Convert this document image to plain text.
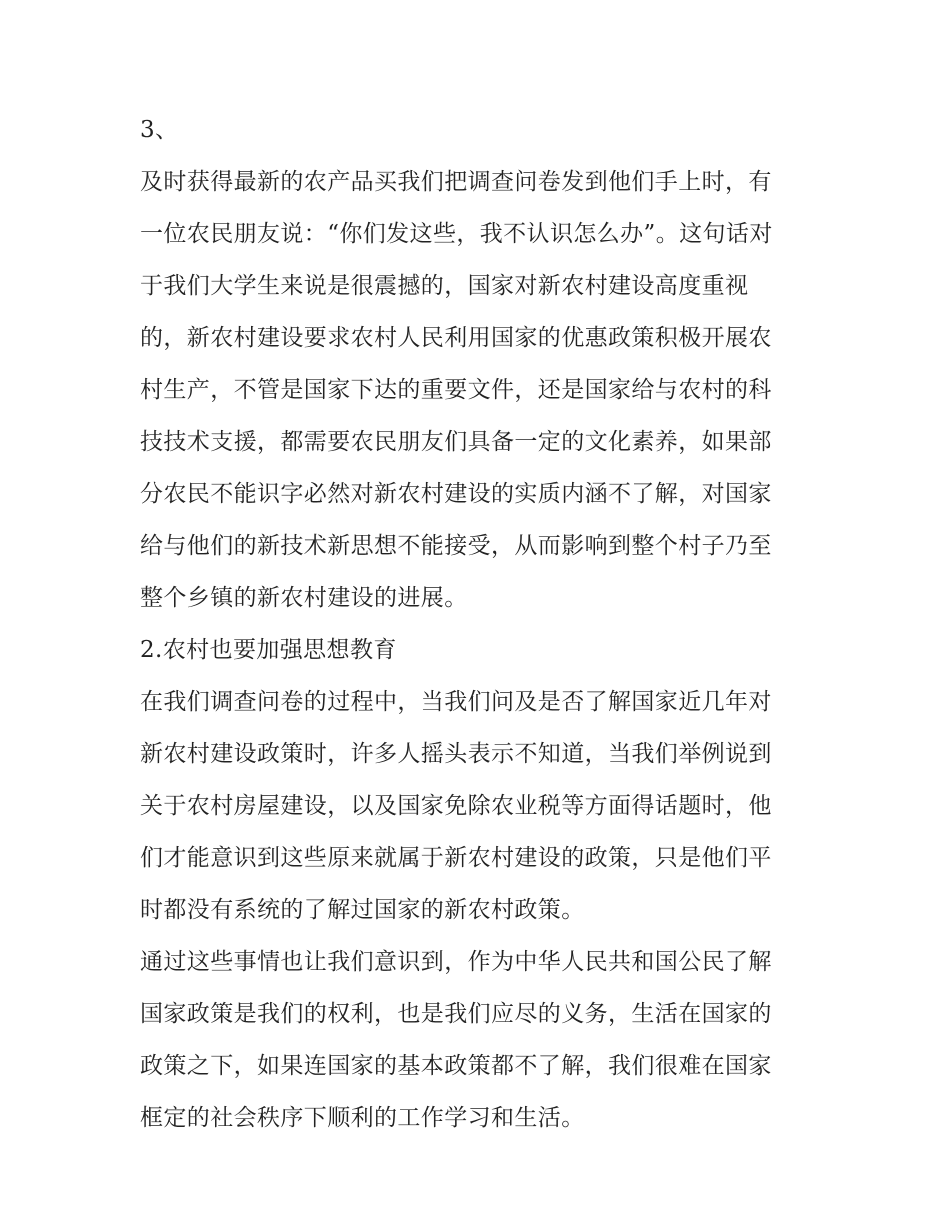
3、
及时获得最新的农产品买我们把调查问卷发到他们手上时，有
一位农民朋友说：“你们发这些，我不认识怎么办”。这句话对
于我们大学生来说是很震撼的，国家对新农村建设高度重视
的，新农村建设要求农村人民利用国家的优惠政策积极开展农
村生产，不管是国家下达的重要文件，还是国家给与农村的科
技技术支援，都需要农民朋友们具备一定的文化素养，如果部
分农民不能识字必然对新农村建设的实质内涵不了解，对国家
给与他们的新技术新思想不能接受，从而影响到整个村子乃至
整个乡镇的新农村建设的进展。
2.农村也要加强思想教育
在我们调查问卷的过程中，当我们问及是否了解国家近几年对
新农村建设政策时，许多人摇头表示不知道，当我们举例说到
关于农村房屋建设，以及国家免除农业税等方面得话题时，他
们才能意识到这些原来就属于新农村建设的政策，只是他们平
时都没有系统的了解过国家的新农村政策。
通过这些事情也让我们意识到，作为中华人民共和国公民了解
国家政策是我们的权利，也是我们应尽的义务，生活在国家的
政策之下，如果连国家的基本政策都不了解，我们很难在国家
框定的社会秩序下顺利的工作学习和生活。
